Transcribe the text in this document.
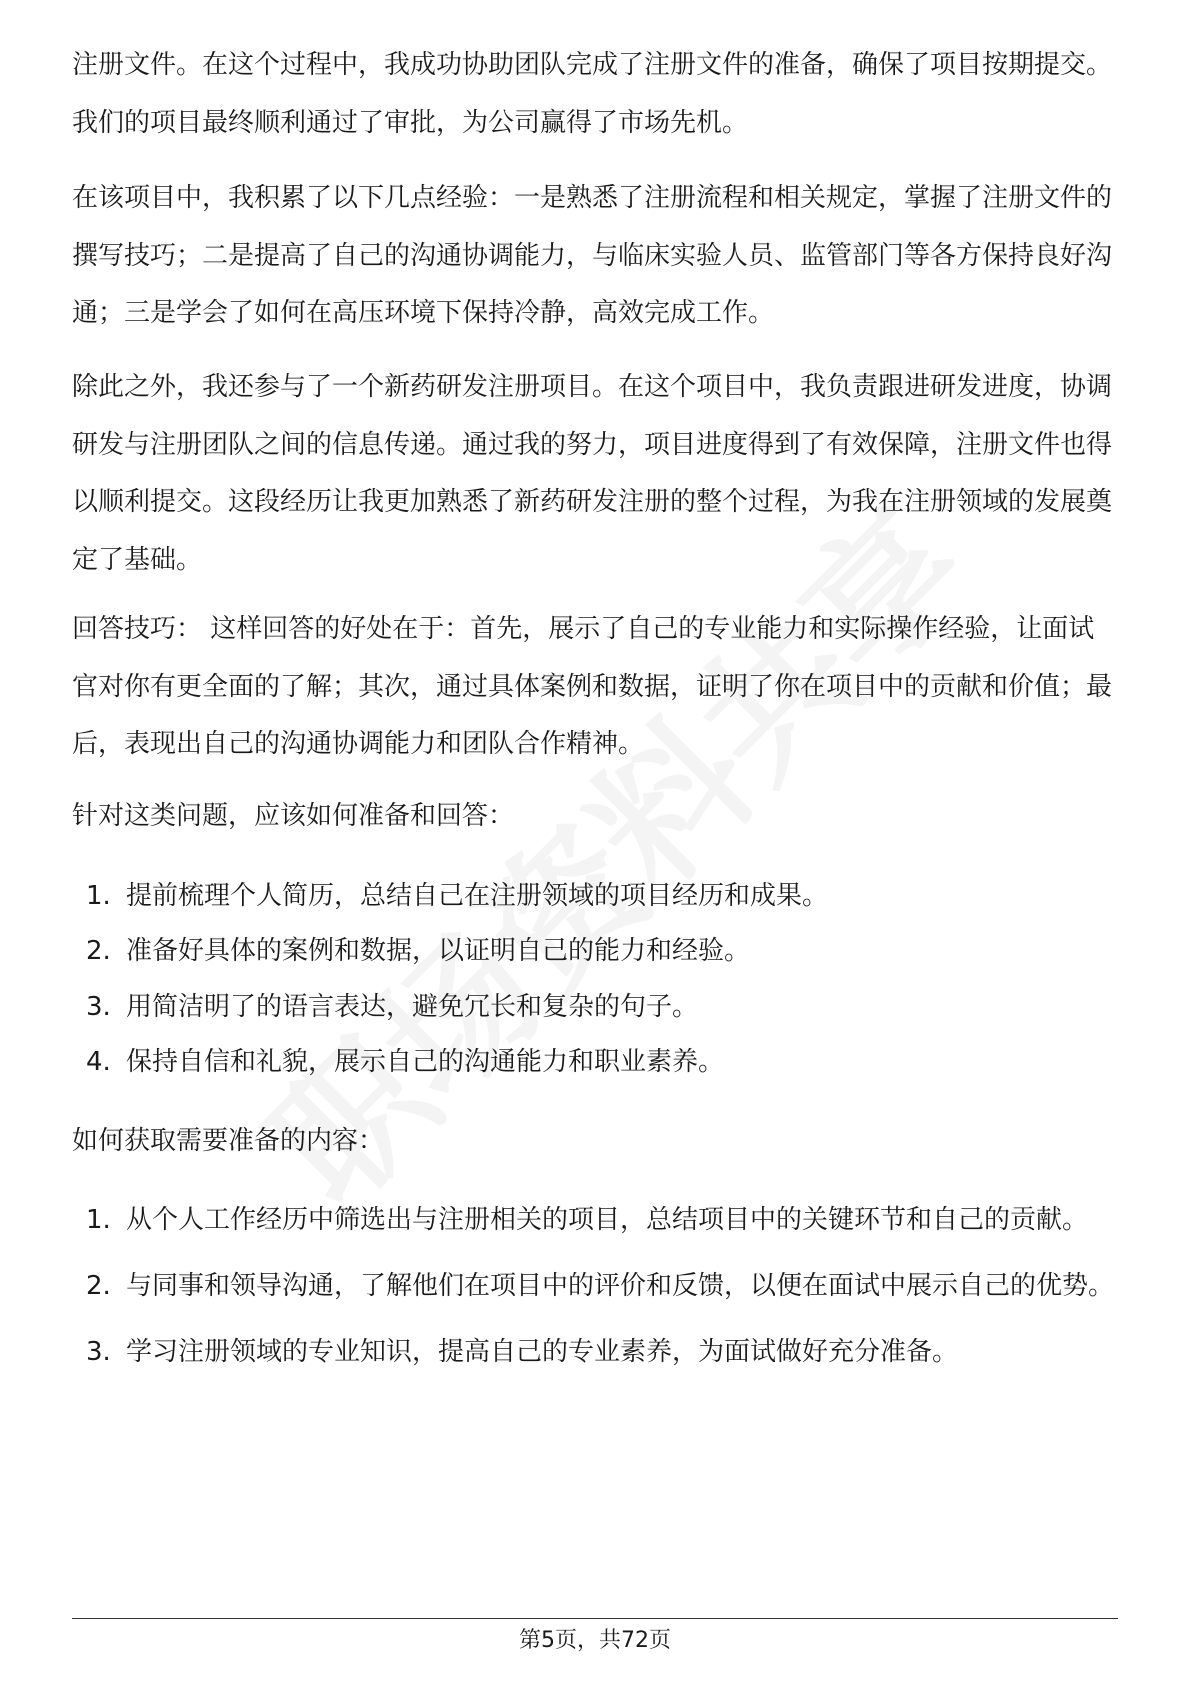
注册文件。在这个过程中，我成功协助团队完成了注册文件的准备，确保了项目按期提交。我们的项目最终顺利通过了审批，为公司赢得了市场先机。

在该项目中，我积累了以下几点经验：一是熟悉了注册流程和相关规定，掌握了注册文件的撰写技巧；二是提高了自己的沟通协调能力，与临床实验人员、监管部门等各方保持良好沟通；三是学会了如何在高压环境下保持冷静，高效完成工作。

除此之外，我还参与了一个新药研发注册项目。在这个项目中，我负责跟进研发进度，协调研发与注册团队之间的信息传递。通过我的努力，项目进度得到了有效保障，注册文件也得以顺利提交。这段经历让我更加熟悉了新药研发注册的整个过程，为我在注册领域的发展奠定了基础。

回答技巧： 这样回答的好处在于：首先，展示了自己的专业能力和实际操作经验，让面试官对你有更全面的了解；其次，通过具体案例和数据，证明了你在项目中的贡献和价值；最后，表现出自己的沟通协调能力和团队合作精神。

针对这类问题，应该如何准备和回答：

1. 提前梳理个人简历，总结自己在注册领域的项目经历和成果。
2. 准备好具体的案例和数据，以证明自己的能力和经验。
3. 用简洁明了的语言表达，避免冗长和复杂的句子。
4. 保持自信和礼貌，展示自己的沟通能力和职业素养。

如何获取需要准备的内容：

1. 从个人工作经历中筛选出与注册相关的项目，总结项目中的关键环节和自己的贡献。
2. 与同事和领导沟通，了解他们在项目中的评价和反馈，以便在面试中展示自己的优势。
3. 学习注册领域的专业知识，提高自己的专业素养，为面试做好充分准备。
第5页，共72页
